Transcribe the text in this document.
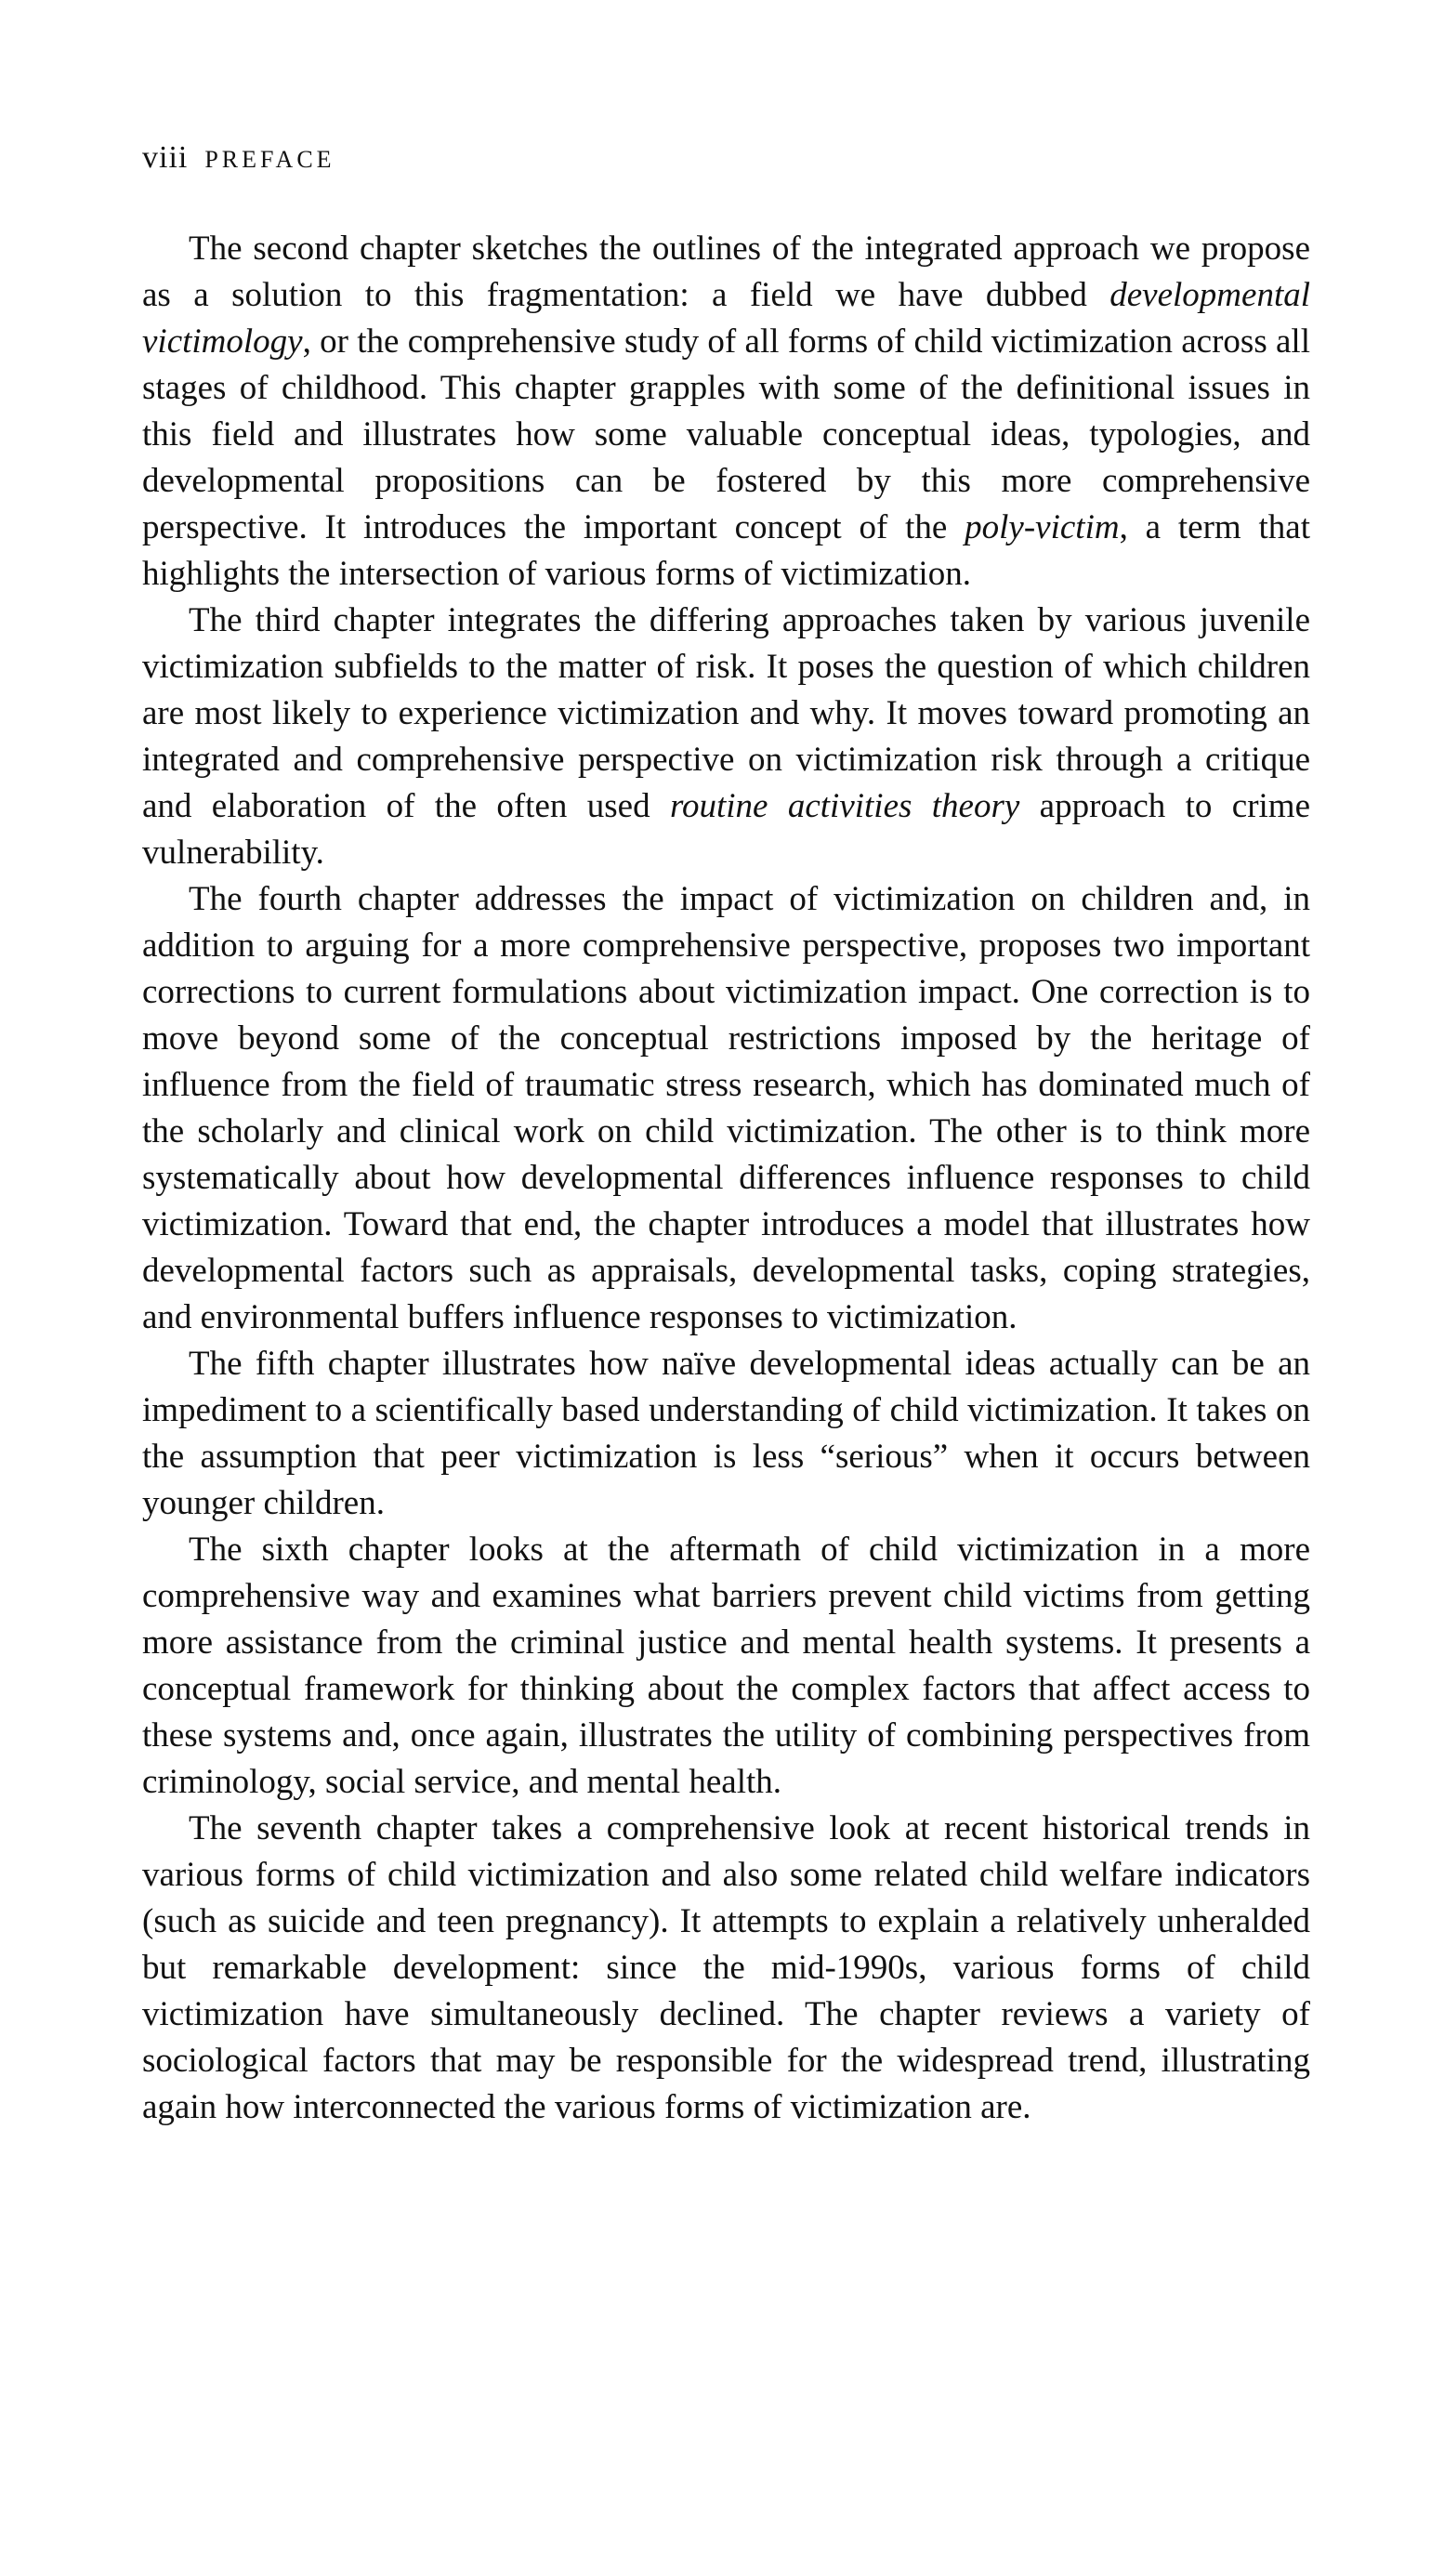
viii PREFACE

The second chapter sketches the outlines of the integrated approach we propose as a solution to this fragmentation: a field we have dubbed developmental victimology, or the comprehensive study of all forms of child victimization across all stages of childhood. This chapter grapples with some of the definitional issues in this field and illustrates how some valuable conceptual ideas, typologies, and developmental propositions can be fostered by this more comprehensive perspective. It introduces the important concept of the poly-victim, a term that highlights the intersection of various forms of victimization.

The third chapter integrates the differing approaches taken by various juvenile victimization subfields to the matter of risk. It poses the question of which children are most likely to experience victimization and why. It moves toward promoting an integrated and comprehensive perspective on victimization risk through a critique and elaboration of the often used routine activities theory approach to crime vulnerability.

The fourth chapter addresses the impact of victimization on children and, in addition to arguing for a more comprehensive perspective, proposes two important corrections to current formulations about victimization impact. One correction is to move beyond some of the conceptual restrictions imposed by the heritage of influence from the field of traumatic stress research, which has dominated much of the scholarly and clinical work on child victimization. The other is to think more systematically about how developmental differences influence responses to child victimization. Toward that end, the chapter introduces a model that illustrates how developmental factors such as appraisals, developmental tasks, coping strategies, and environmental buffers influence responses to victimization.

The fifth chapter illustrates how naïve developmental ideas actually can be an impediment to a scientifically based understanding of child victimization. It takes on the assumption that peer victimization is less “serious” when it occurs between younger children.

The sixth chapter looks at the aftermath of child victimization in a more comprehensive way and examines what barriers prevent child victims from getting more assistance from the criminal justice and mental health systems. It presents a conceptual framework for thinking about the complex factors that affect access to these systems and, once again, illustrates the utility of combining perspectives from criminology, social service, and mental health.

The seventh chapter takes a comprehensive look at recent historical trends in various forms of child victimization and also some related child welfare indicators (such as suicide and teen pregnancy). It attempts to explain a relatively unheralded but remarkable development: since the mid-1990s, various forms of child victimization have simultaneously declined. The chapter reviews a variety of sociological factors that may be responsible for the widespread trend, illustrating again how interconnected the various forms of victimization are.
